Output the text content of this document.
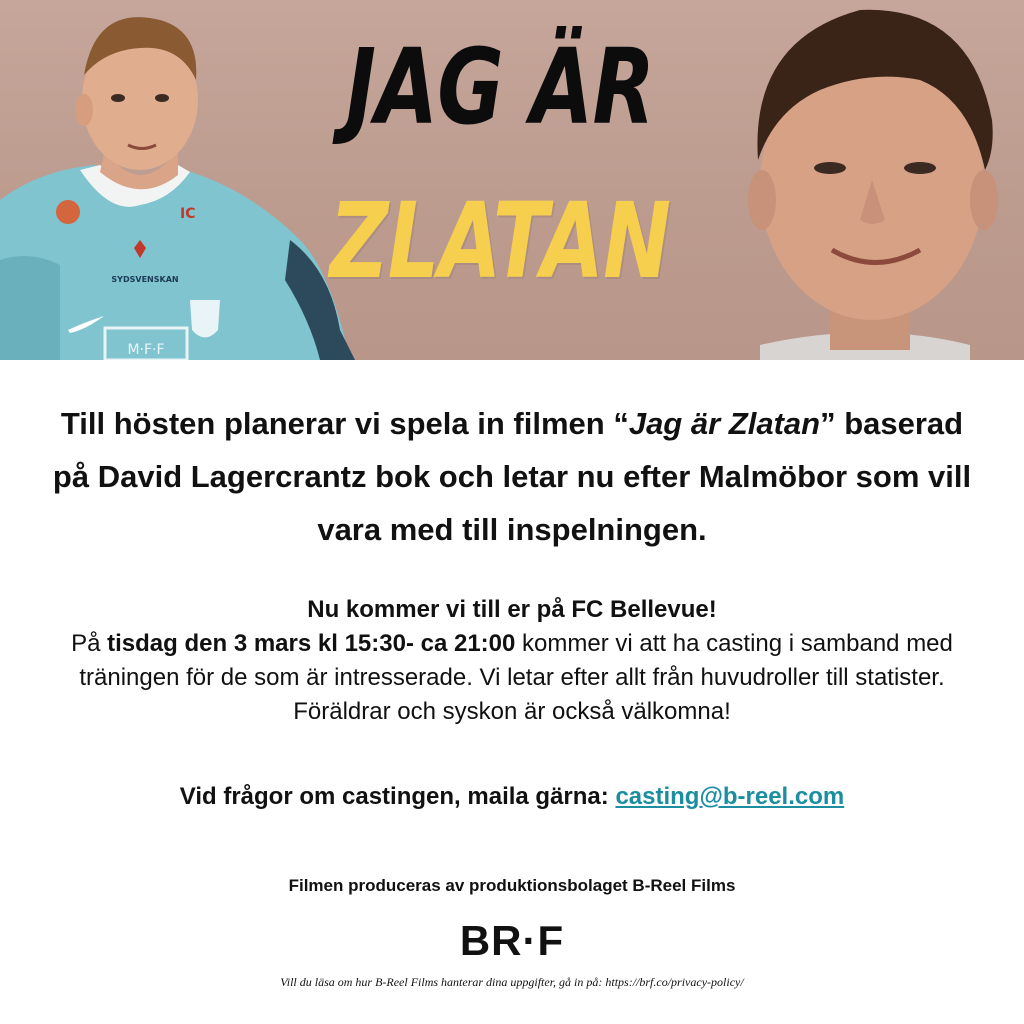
SYDSVENSKAN
M·F·F
IC
JAG ÄR
ZLATAN
Till hösten planerar vi spela in filmen “Jag är Zlatan” baserad på David Lagercrantz bok och letar nu efter Malmöbor som vill vara med till inspelningen.
Nu kommer vi till er på FC Bellevue!
På tisdag den 3 mars kl 15:30- ca 21:00 kommer vi att ha casting i samband med träningen för de som är intresserade. Vi letar efter allt från huvudroller till statister. Föräldrar och syskon är också välkomna!
Vid frågor om castingen, maila gärna: casting@b-reel.com
Filmen produceras av produktionsbolaget B-Reel Films
BR·F
Vill du läsa om hur B-Reel Films hanterar dina uppgifter, gå in på: https://brf.co/privacy-policy/
